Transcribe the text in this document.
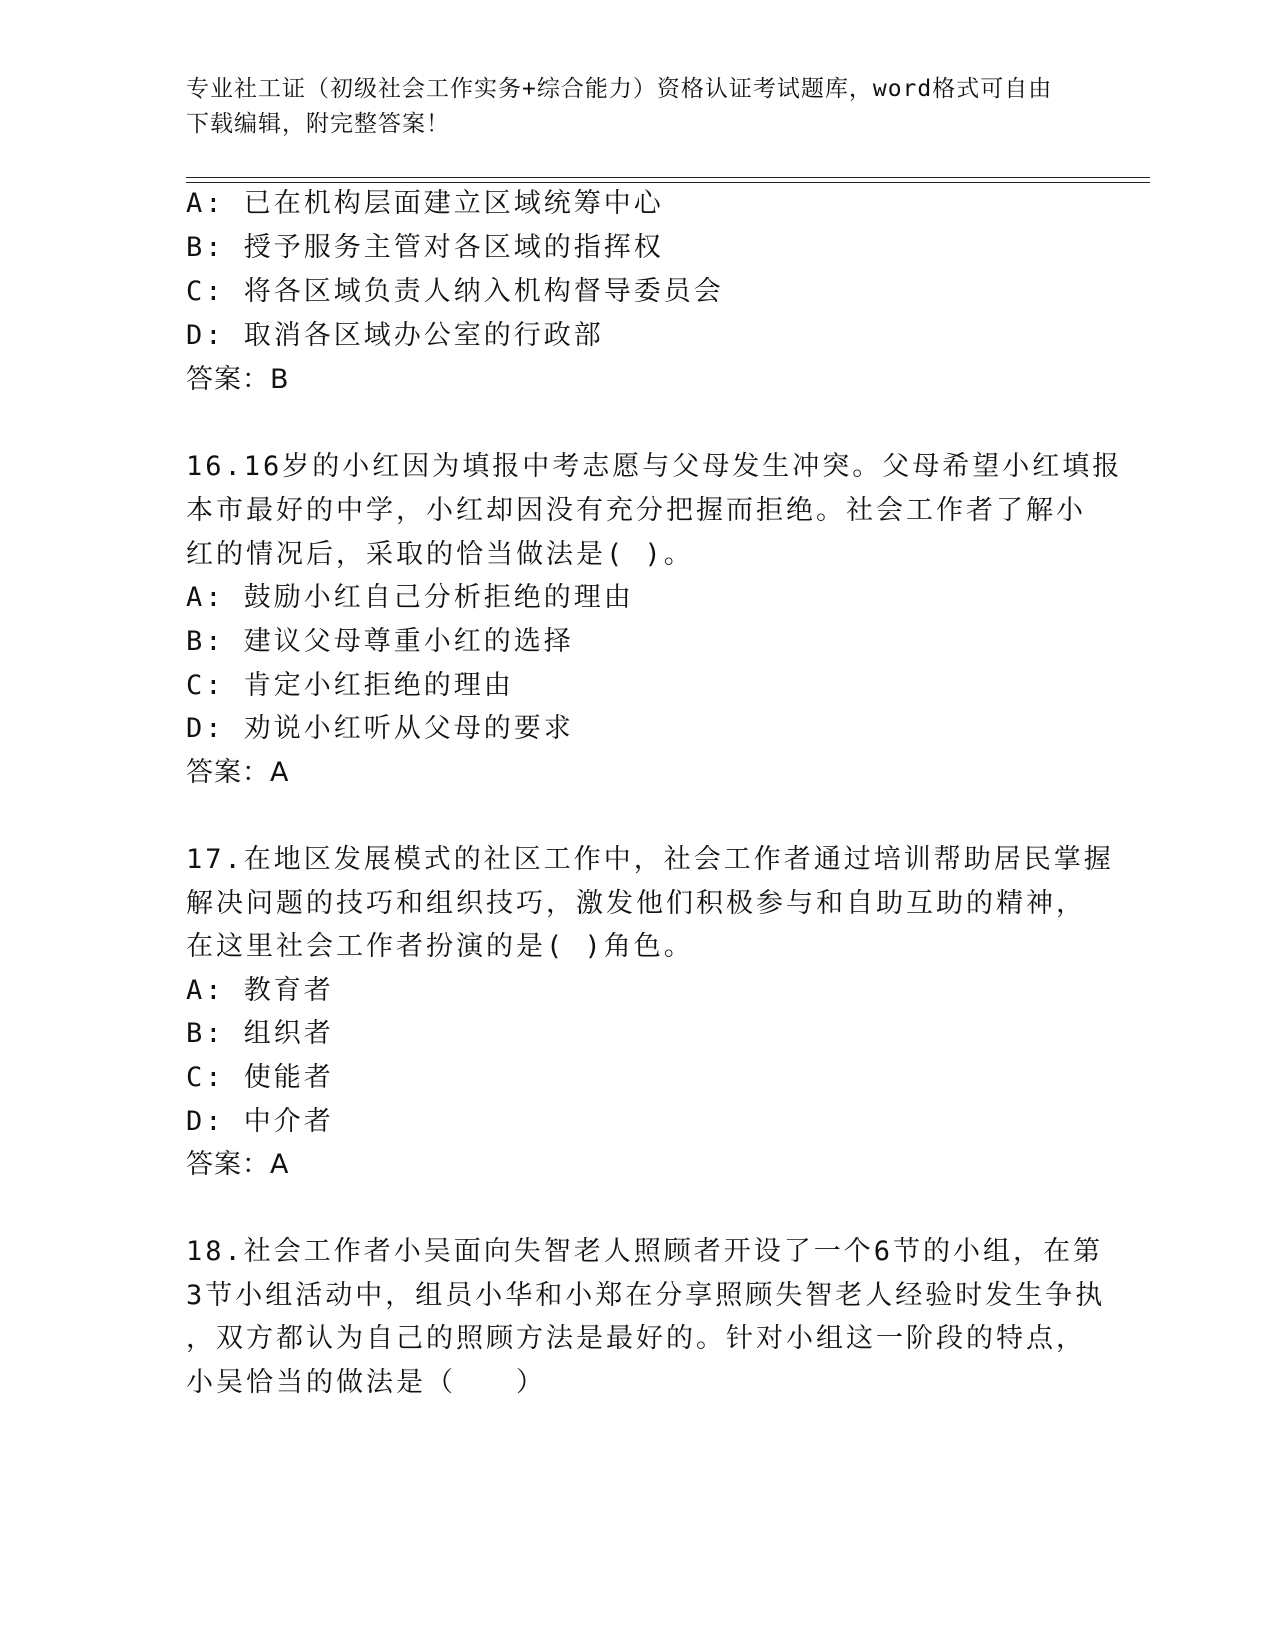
专业社工证（初级社会工作实务+综合能力）资格认证考试题库，word格式可自由
下载编辑，附完整答案！
A: 已在机构层面建立区域统筹中心
B: 授予服务主管对各区域的指挥权
C: 将各区域负责人纳入机构督导委员会
D: 取消各区域办公室的行政部
答案：B
16.16岁的小红因为填报中考志愿与父母发生冲突。父母希望小红填报
本市最好的中学，小红却因没有充分把握而拒绝。社会工作者了解小
红的情况后，采取的恰当做法是( )。
A: 鼓励小红自己分析拒绝的理由
B: 建议父母尊重小红的选择
C: 肯定小红拒绝的理由
D: 劝说小红听从父母的要求
答案：A
17.在地区发展模式的社区工作中，社会工作者通过培训帮助居民掌握
解决问题的技巧和组织技巧，激发他们积极参与和自助互助的精神，
在这里社会工作者扮演的是( )角色。
A: 教育者
B: 组织者
C: 使能者
D: 中介者
答案：A
18.社会工作者小吴面向失智老人照顾者开设了一个6节的小组，在第
3节小组活动中，组员小华和小郑在分享照顾失智老人经验时发生争执
，双方都认为自己的照顾方法是最好的。针对小组这一阶段的特点，
小吴恰当的做法是（　　）
